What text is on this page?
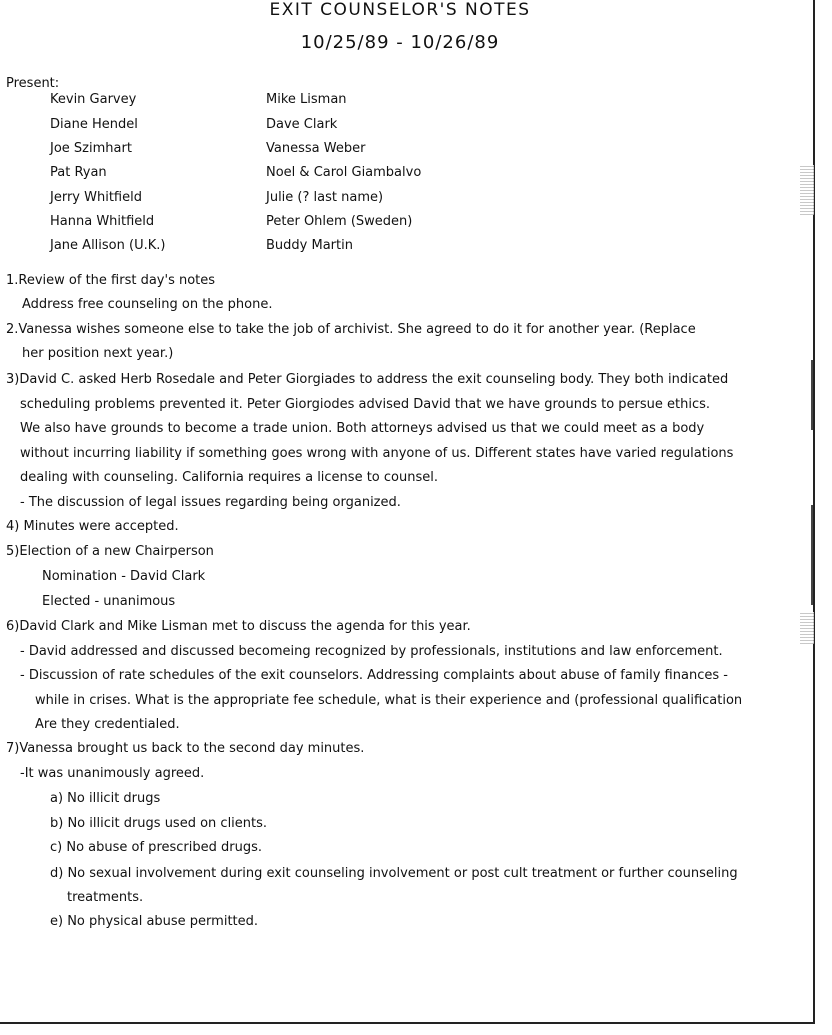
EXIT COUNSELOR'S NOTES
10/25/89 - 10/26/89
Present:
Kevin Garvey
Diane Hendel
Joe Szimhart
Pat Ryan
Jerry Whitfield
Hanna Whitfield
Jane Allison (U.K.)
Mike Lisman
Dave Clark
Vanessa Weber
Noel & Carol Giambalvo
Julie (? last name)
Peter Ohlem (Sweden)
Buddy Martin
1.Review of the first day's notes
Address free counseling on the phone.
2.Vanessa wishes someone else to take the job of archivist. She agreed to do it for another year. (Replace
her position next year.)
3)David C. asked Herb Rosedale and Peter Giorgiades to address the exit counseling body. They both indicated
scheduling problems prevented it. Peter Giorgiodes advised David that we have grounds to persue ethics.
We also have grounds to become a trade union. Both attorneys advised us that we could meet as a body
without incurring liability if something goes wrong with anyone of us. Different states have varied regulations
dealing with counseling. California requires a license to counsel.
- The discussion of legal issues regarding being organized.
4) Minutes were accepted.
5)Election of a new Chairperson
Nomination - David Clark
Elected - unanimous
6)David Clark and Mike Lisman met to discuss the agenda for this year.
- David addressed and discussed becomeing recognized by professionals, institutions and law enforcement.
- Discussion of rate schedules of the exit counselors. Addressing complaints about abuse of family finances -
while in crises. What is the appropriate fee schedule, what is their experience and (professional qualification
Are they credentialed.
7)Vanessa brought us back to the second day minutes.
-It was unanimously agreed.
a) No illicit drugs
b) No illicit drugs used on clients.
c) No abuse of prescribed drugs.
d) No sexual involvement during exit counseling involvement or post cult treatment or further counseling
treatments.
e) No physical abuse permitted.
